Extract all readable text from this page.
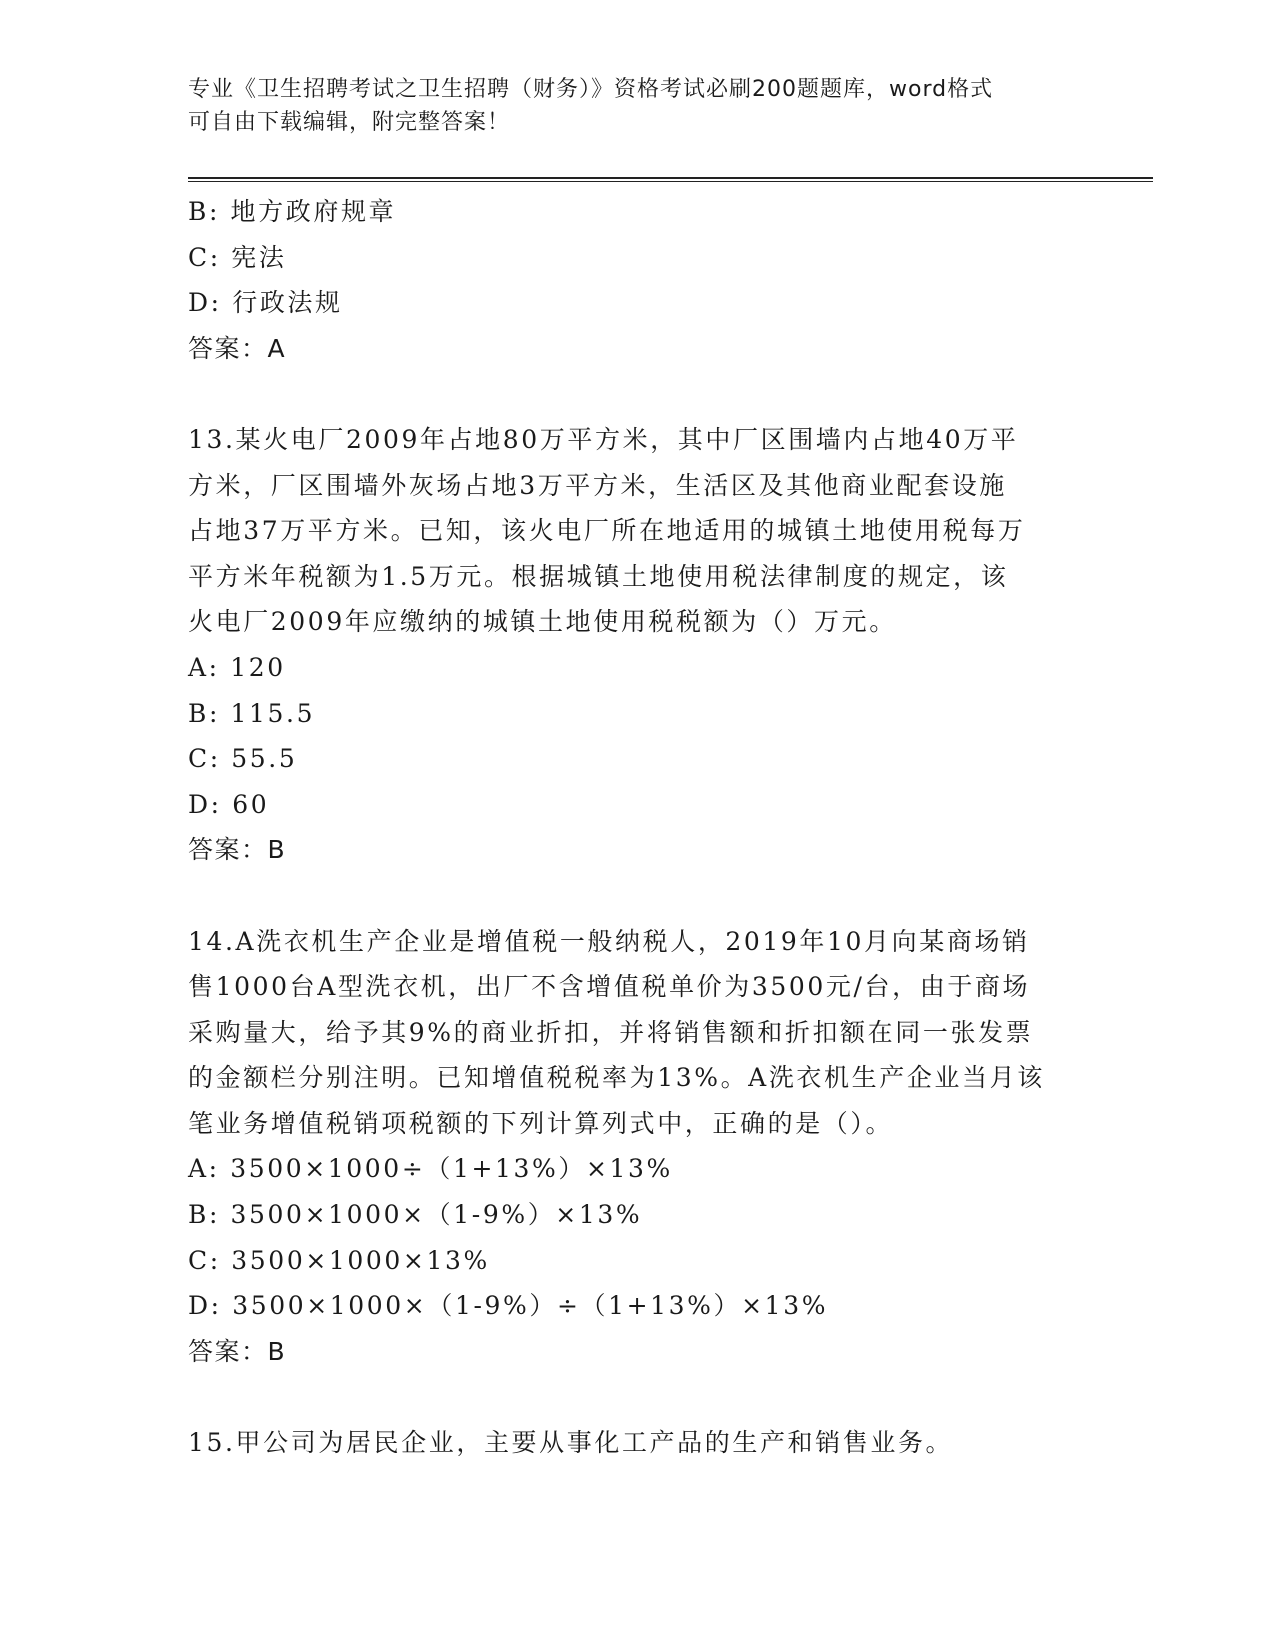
专业《卫生招聘考试之卫生招聘（财务）》资格考试必刷200题题库，word格式
可自由下载编辑，附完整答案！
B: 地方政府规章
C: 宪法
D: 行政法规
答案：A
13.某火电厂2009年占地80万平方米，其中厂区围墙内占地40万平
方米，厂区围墙外灰场占地3万平方米，生活区及其他商业配套设施
占地37万平方米。已知，该火电厂所在地适用的城镇土地使用税每万
平方米年税额为1.5万元。根据城镇土地使用税法律制度的规定，该
火电厂2009年应缴纳的城镇土地使用税税额为（）万元。
A: 120
B: 115.5
C: 55.5
D: 60
答案：B
14.A洗衣机生产企业是增值税一般纳税人，2019年10月向某商场销
售1000台A型洗衣机，出厂不含增值税单价为3500元/台，由于商场
采购量大，给予其9%的商业折扣，并将销售额和折扣额在同一张发票
的金额栏分别注明。已知增值税税率为13%。A洗衣机生产企业当月该
笔业务增值税销项税额的下列计算列式中，正确的是（）。
A: 3500×1000÷（1+13%）×13%
B: 3500×1000×（1-9%）×13%
C: 3500×1000×13%
D: 3500×1000×（1-9%）÷（1+13%）×13%
答案：B
15.甲公司为居民企业，主要从事化工产品的生产和销售业务。
